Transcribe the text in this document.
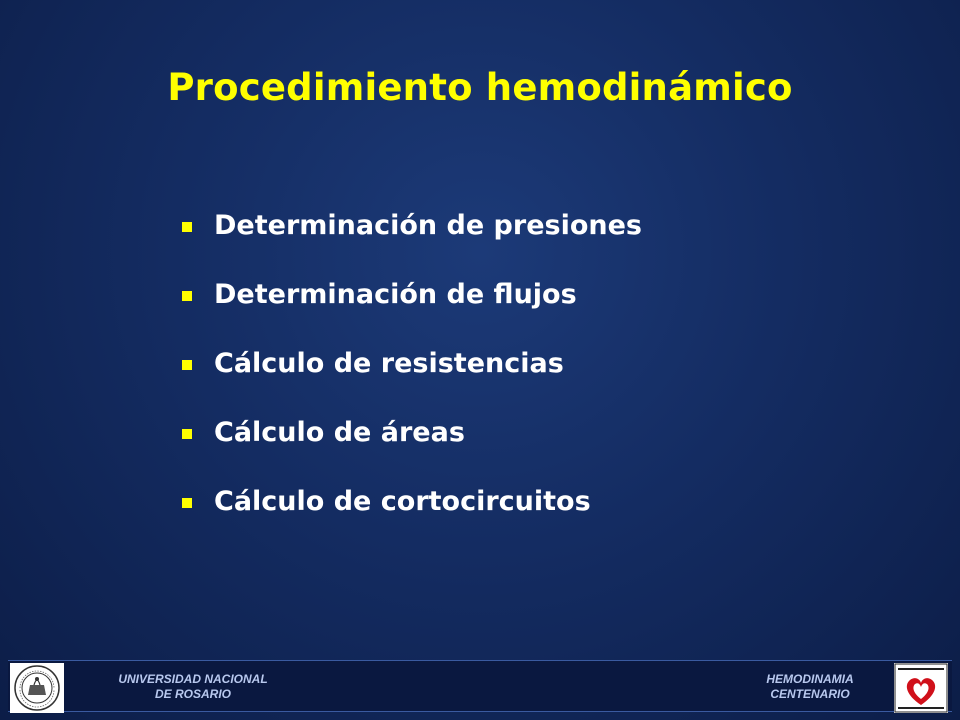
Procedimiento hemodinámico
Determinación de presiones
Determinación de flujos
Cálculo de resistencias
Cálculo de áreas
Cálculo de cortocircuitos
UNIVERSIDAD NACIONAL
DE ROSARIO
HEMODINAMIA
CENTENARIO
